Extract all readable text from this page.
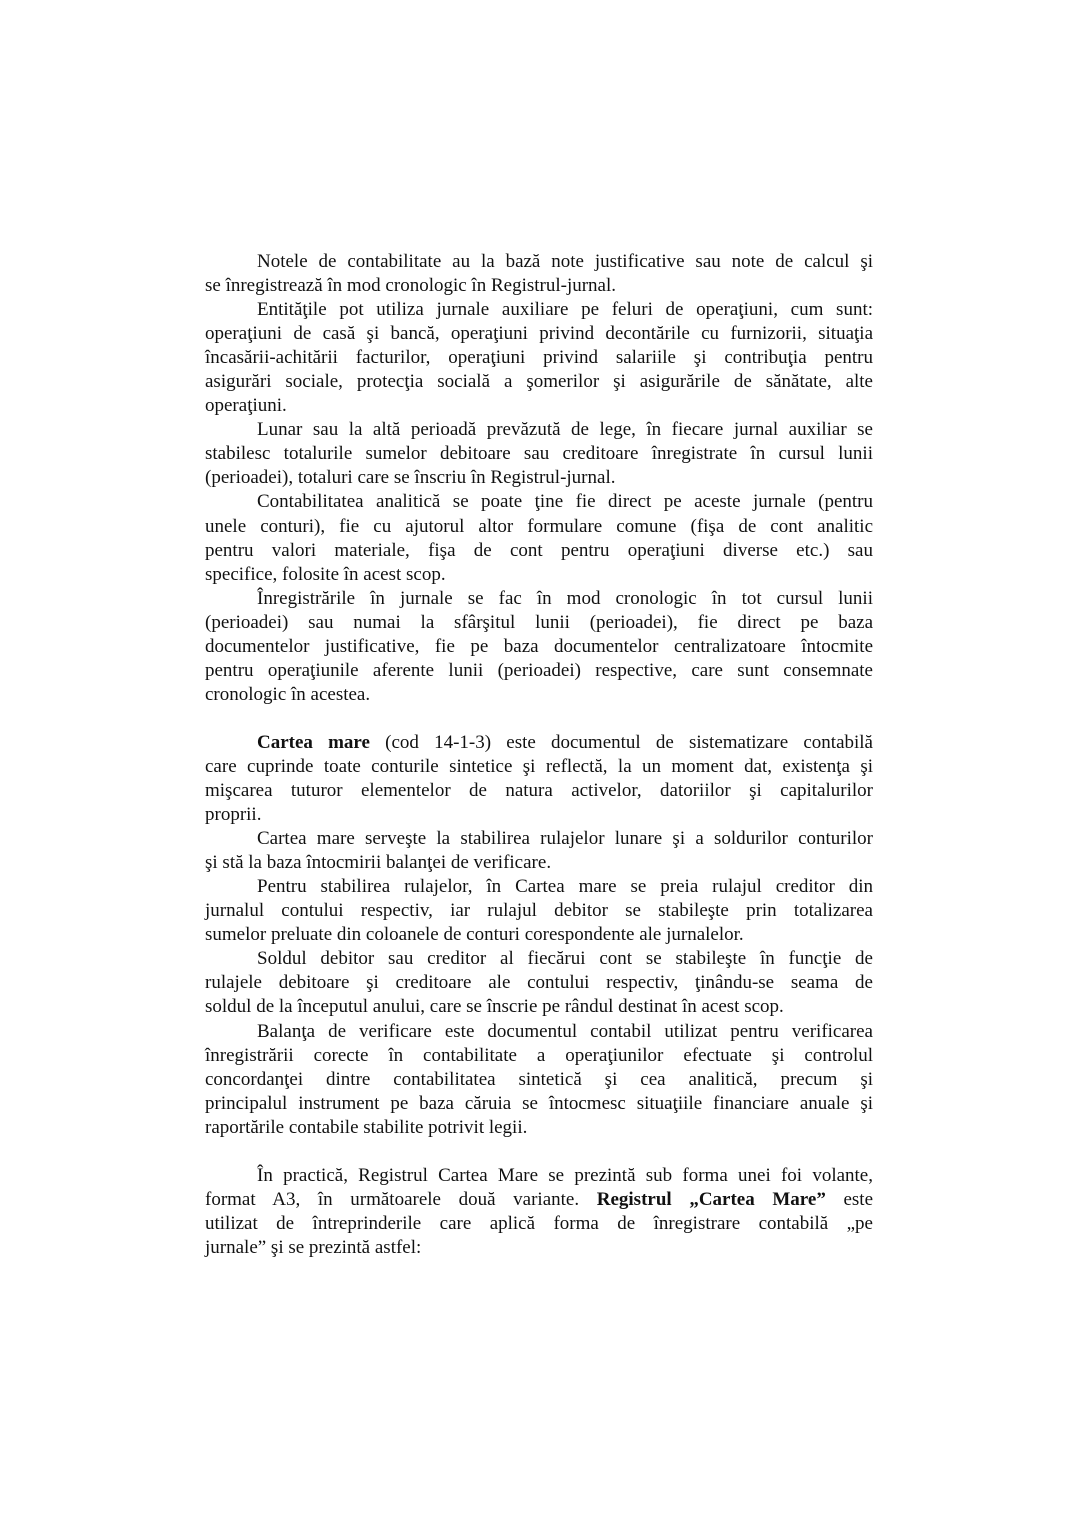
Notele de contabilitate au la bază note justificative sau note de calcul şi
se înregistrează în mod cronologic în Registrul-jurnal.
Entităţile pot utiliza jurnale auxiliare pe feluri de operaţiuni, cum sunt:
operaţiuni de casă şi bancă, operaţiuni privind decontările cu furnizorii, situaţia
încasării-achitării facturilor, operaţiuni privind salariile şi contribuţia pentru
asigurări sociale, protecţia socială a şomerilor şi asigurările de sănătate, alte
operaţiuni.
Lunar sau la altă perioadă prevăzută de lege, în fiecare jurnal auxiliar se
stabilesc totalurile sumelor debitoare sau creditoare înregistrate în cursul lunii
(perioadei), totaluri care se înscriu în Registrul-jurnal.
Contabilitatea analitică se poate ţine fie direct pe aceste jurnale (pentru
unele conturi), fie cu ajutorul altor formulare comune (fişa de cont analitic
pentru valori materiale, fişa de cont pentru operaţiuni diverse etc.) sau
specifice, folosite în acest scop.
Înregistrările în jurnale se fac în mod cronologic în tot cursul lunii
(perioadei) sau numai la sfârşitul lunii (perioadei), fie direct pe baza
documentelor justificative, fie pe baza documentelor centralizatoare întocmite
pentru operaţiunile aferente lunii (perioadei) respective, care sunt consemnate
cronologic în acestea.
Cartea mare (cod 14-1-3) este documentul de sistematizare contabilă
care cuprinde toate conturile sintetice şi reflectă, la un moment dat, existenţa şi
mişcarea tuturor elementelor de natura activelor, datoriilor şi capitalurilor
proprii.
Cartea mare serveşte la stabilirea rulajelor lunare şi a soldurilor conturilor
şi stă la baza întocmirii balanţei de verificare.
Pentru stabilirea rulajelor, în Cartea mare se preia rulajul creditor din
jurnalul contului respectiv, iar rulajul debitor se stabileşte prin totalizarea
sumelor preluate din coloanele de conturi corespondente ale jurnalelor.
Soldul debitor sau creditor al fiecărui cont se stabileşte în funcţie de
rulajele debitoare şi creditoare ale contului respectiv, ţinându-se seama de
soldul de la începutul anului, care se înscrie pe rândul destinat în acest scop.
Balanţa de verificare este documentul contabil utilizat pentru verificarea
înregistrării corecte în contabilitate a operaţiunilor efectuate şi controlul
concordanţei dintre contabilitatea sintetică şi cea analitică, precum şi
principalul instrument pe baza căruia se întocmesc situaţiile financiare anuale şi
raportările contabile stabilite potrivit legii.
În practică, Registrul Cartea Mare se prezintă sub forma unei foi volante,
format A3, în următoarele două variante. Registrul „Cartea Mare” este
utilizat de întreprinderile care aplică forma de înregistrare contabilă „pe
jurnale” şi se prezintă astfel:
